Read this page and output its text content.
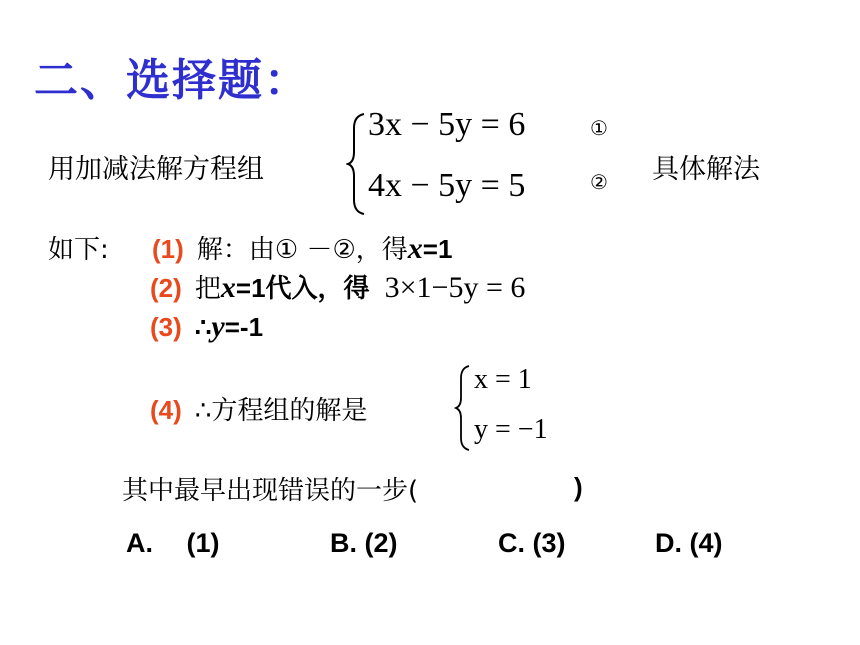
二、选择题：
用加减法解方程组
3x − 5y = 6	①
4x − 5y = 5	② 具体解法
如下: (1) 解：由① －②，得x=1
(2) 把x=1代入，得 3×1−5y = 6
(3) ∴y=-1
(4) ∴方程组的解是
x = 1
y = −1
其中最早出现错误的一步(	)
A. (1)	B. (2)	C. (3)	D. (4)
